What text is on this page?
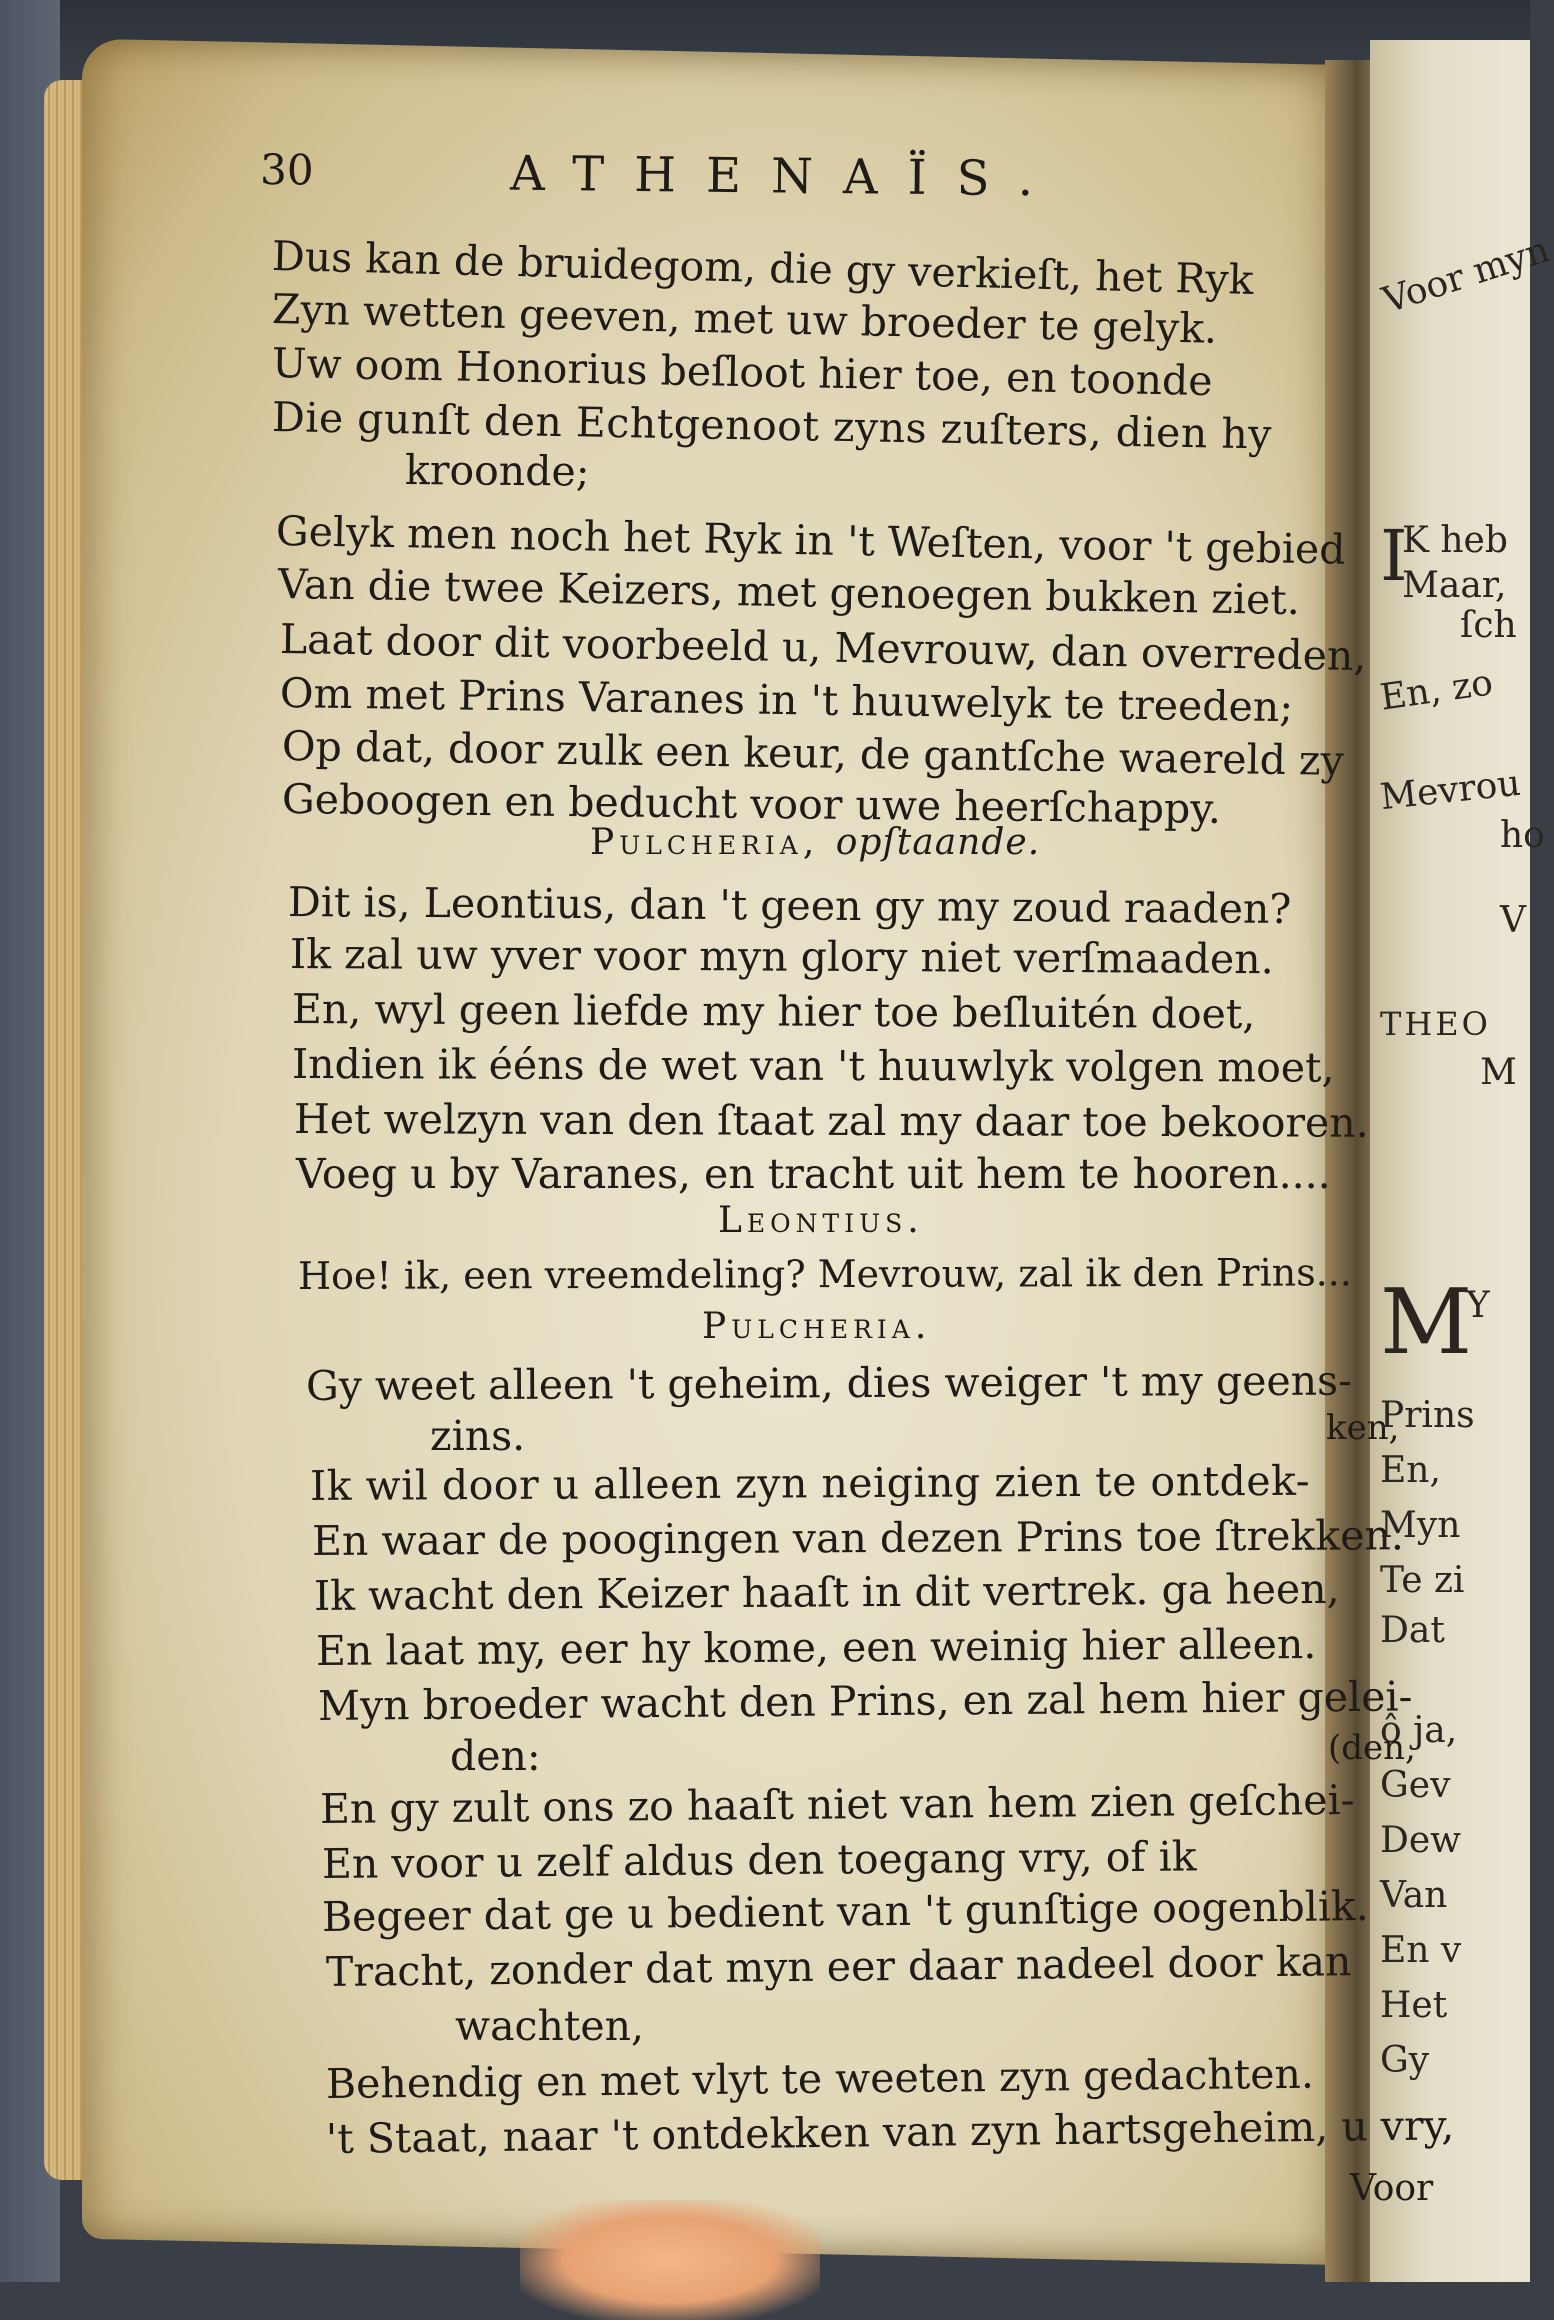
30	ATHENAÏS.
Dus kan de bruidegom, die gy verkieſt, het Ryk
Zyn wetten geeven, met uw broeder te gelyk.
Uw oom Honorius beſloot hier toe, en toonde
Die gunſt den Echtgenoot zyns zuſters, dien hy
kroonde;
Gelyk men noch het Ryk in 't Weſten, voor 't gebied
Van die twee Keizers, met genoegen bukken ziet.
Laat door dit voorbeeld u, Mevrouw, dan overreden,
Om met Prins Varanes in 't huuwelyk te treeden;
Op dat, door zulk een keur, de gantſche waereld zy
Geboogen en beducht voor uwe heerſchappy.
Pulcheria, opſtaande.
Dit is, Leontius, dan 't geen gy my zoud raaden?
Ik zal uw yver voor myn glory niet verſmaaden.
En, wyl geen liefde my hier toe beſluitén doet,
Indien ik ééns de wet van 't huuwlyk volgen moet,
Het welzyn van den ſtaat zal my daar toe bekooren.
Voeg u by Varanes, en tracht uit hem te hooren....
Leontius.
Hoe! ik, een vreemdeling? Mevrouw, zal ik den Prins...
Pulcheria.
Gy weet alleen 't geheim, dies weiger 't my geens-
zins.	ken,
Ik wil door u alleen zyn neiging zien te ontdek-
En waar de poogingen van dezen Prins toe ſtrekken.
Ik wacht den Keizer haaſt in dit vertrek. ga heen,
En laat my, eer hy kome, een weinig hier alleen.
Myn broeder wacht den Prins, en zal hem hier gelei-
den:	(den,
En gy zult ons zo haaſt niet van hem zien geſchei-
En voor u zelf aldus den toegang vry, of ik
Begeer dat ge u bedient van 't gunſtige oogenblik.
Tracht, zonder dat myn eer daar nadeel door kan
wachten,
Behendig en met vlyt te weeten zyn gedachten.
't Staat, naar 't ontdekken van zyn hartsgeheim, u vry,
Voor
Voor myn
I
K heb
Maar,
ſch
En, zo
Mevrou
ho
V
THEO
M
M
Y
Prins
En,
Myn
Te zi
Dat
ô ja,
Gev
Dew
Van
En v
Het
Gy
